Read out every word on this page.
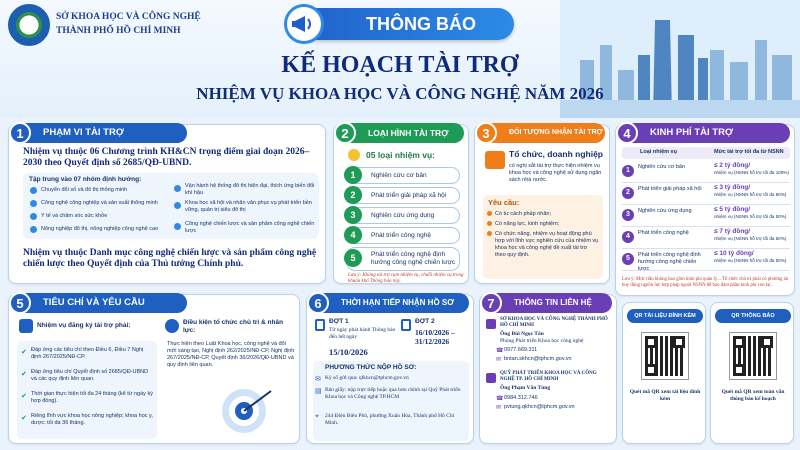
SỞ KHOA HỌC VÀ CÔNG NGHỆ
THÀNH PHỐ HỒ CHÍ MINH	THÔNG BÁO
KẾ HOẠCH TÀI TRỢ
NHIỆM VỤ KHOA HỌC VÀ CÔNG NGHỆ NĂM 2026
PHẠM VI TÀI TRỢ
1
Nhiệm vụ thuộc 06 Chương trình KH&CN trọng điểm giai đoạn 2026–2030 theo Quyết định số 2685/QĐ-UBND.
Tập trung vào 07 nhóm định hướng:
Chuyển đổi số và đô thị thông minh
Công nghệ công nghiệp và sản xuất thông minh
Y tế và chăm sóc sức khỏe
Nông nghiệp đô thị, nông nghiệp công nghệ cao
Vận hành hệ thống đô thị hiện đại, thích ứng biến đổi khí hậu
Khoa học xã hội và nhân văn phục vụ phát triển bền vững, quản trị siêu đô thị
Công nghệ chiến lược và sản phẩm công nghệ chiến lược
Nhiệm vụ thuộc Danh mục công nghệ chiến lược và sản phẩm công nghệ chiến lược theo Quyết định của Thủ tướng Chính phủ.
LOẠI HÌNH TÀI TRỢ
2
05 loại nhiệm vụ:
1	Nghiên cứu cơ bản
2	Phát triển giải pháp xã hội
3	Nghiên cứu ứng dụng
4	Phát triển công nghệ
5	Phát triển công nghệ định hướng công nghệ chiến lược
Lưu ý: Không tài trợ cụm nhiệm vụ, chuỗi nhiệm vụ trong khuôn khổ Thông báo này.
ĐỐI TƯỢNG NHẬN TÀI TRỢ
3
Tổ chức, doanh nghiệp
có nghị sắt tài trợ thực hiện nhiệm vụ khoa học và công nghệ sử dụng ngân sách nhà nước.
Yêu cầu:
Có tư cách pháp nhân;
Có năng lực, kinh nghiệm;
Có chức năng, nhiệm vụ hoạt động phù hợp với lĩnh vực nghiên cứu của nhiệm vụ khoa học và công nghệ đề xuất tài trợ theo quy định.
KINH PHÍ TÀI TRỢ
4
Loại nhiệm vụ	Mức tài trợ tối đa từ NSNN
1	Nghiên cứu cơ bản	≤ 2 tỷ đồng/
nhiệm vụ (NSNN hỗ trợ tối đa 100%)
2	Phát triển giải pháp xã hội	≤ 3 tỷ đồng/
nhiệm vụ (NSNN hỗ trợ tối đa 80%)
3	Nghiên cứu ứng dụng	≤ 5 tỷ đồng/
nhiệm vụ (NSNN hỗ trợ tối đa 50%)
4	Phát triển công nghệ	≤ 7 tỷ đồng/
nhiệm vụ (NSNN hỗ trợ tối đa 50%)
5	Phát triển công nghệ định hướng công nghệ chiến lược
≤ 10 tỷ đồng/
nhiệm vụ (NSNN hỗ trợ tối đa 50%)
Lưu ý: Mức trần không bao gồm kinh phí quản lý... Tổ chức chủ trì phải có phương án huy động nguồn lực hợp pháp ngoài NSNN để bảo đảm phần kinh phí còn lại.
TIÊU CHÍ VÀ YÊU CẦU
5
Nhiệm vụ đăng ký tài trợ phải:
Đáp ứng các tiêu chí theo Điều 6, Điều 7 Nghị định 267/2025/NĐ-CP.
Đáp ứng tiêu chí Quyết định số 2685/QĐ-UBND và các quy định liên quan.
Thời gian thực hiện tối đa 24 tháng (kể từ ngày ký hợp đồng).
Riêng lĩnh vực khoa học nông nghiệp; khoa học y, dược: tối đa 36 tháng.
✔
✔
✔
✔
Điều kiện tổ chức chủ trì & nhân lực:
Thực hiện theo Luật Khoa học, công nghệ và đổi mới sáng tạo, Nghị định 262/2025/NĐ-CP, Nghị định 267/2025/NĐ-CP, Quyết định 36/2026/QĐ-UBND và quy định liên quan.
THỜI HẠN TIẾP NHẬN HỒ SƠ
6
ĐỢT 1
Từ ngày phát hành Thông báo đến hết ngày
15/10/2026
ĐỢT 2
16/10/2026 – 31/12/2026
PHƯƠNG THỨC NỘP HỒ SƠ:
Ký số gửi qua: qlkhcn@tphcm.gov.vn
Bản giấy: nộp trực tiếp hoặc qua bưu chính tại Quỹ Phát triển Khoa học và Công nghệ TP.HCM
244 Điện Biên Phủ, phường Xuân Hòa, Thành phố Hồ Chí Minh.
✉
▤
⌖
THÔNG TIN LIÊN HỆ
7
SỞ KHOA HỌC VÀ CÔNG NGHỆ THÀNH PHỐ HỒ CHÍ MINH
Ông Bùi Ngọc Tân
Phòng Phát triển Khoa học công nghệ
0977.669.311
bntan.skhcn@tphcm.gov.vn
☎
✉
QUỸ PHÁT TRIỂN KHOA HỌC VÀ CÔNG NGHỆ TP. HỒ CHÍ MINH
Ông Phạm Văn Tùng
0984.312.746
pvtung.qkhcn@tphcm.gov.vn
☎
✉
QR TÀI LIỆU ĐÍNH KÈM
Quét mã QR xem tài liệu đính kèm
QR THÔNG BÁO
Quét mã QR xem toàn văn thông báo kế hoạch
